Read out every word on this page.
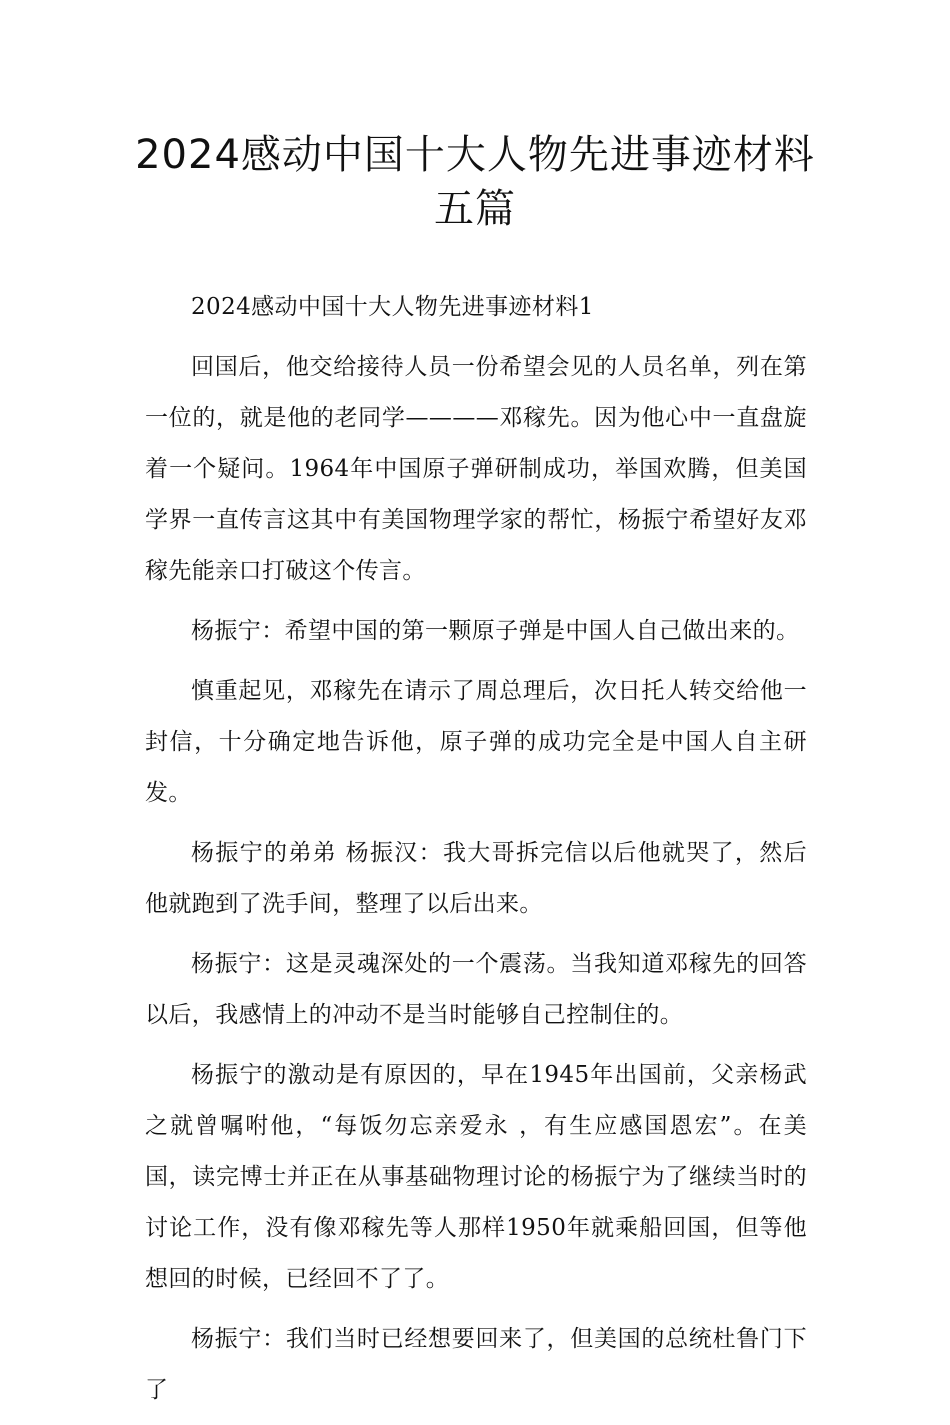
2024感动中国十大人物先进事迹材料五篇

2024感动中国十大人物先进事迹材料1

回国后，他交给接待人员一份希望会见的人员名单，列在第一位的，就是他的老同学————邓稼先。因为他心中一直盘旋着一个疑问。1964年中国原子弹研制成功，举国欢腾，但美国学界一直传言这其中有美国物理学家的帮忙，杨振宁希望好友邓稼先能亲口打破这个传言。

杨振宁：希望中国的第一颗原子弹是中国人自己做出来的。

慎重起见，邓稼先在请示了周总理后，次日托人转交给他一封信，十分确定地告诉他，原子弹的成功完全是中国人自主研发。

杨振宁的弟弟 杨振汉：我大哥拆完信以后他就哭了，然后他就跑到了洗手间，整理了以后出来。

杨振宁：这是灵魂深处的一个震荡。当我知道邓稼先的回答以后，我感情上的冲动不是当时能够自己控制住的。

杨振宁的激动是有原因的，早在1945年出国前，父亲杨武之就曾嘱咐他，“每饭勿忘亲爱永 ，有生应感国恩宏”。在美国，读完博士并正在从事基础物理讨论的杨振宁为了继续当时的讨论工作，没有像邓稼先等人那样1950年就乘船回国，但等他想回的时候，已经回不了了。

杨振宁：我们当时已经想要回来了，但美国的总统杜鲁门下了
